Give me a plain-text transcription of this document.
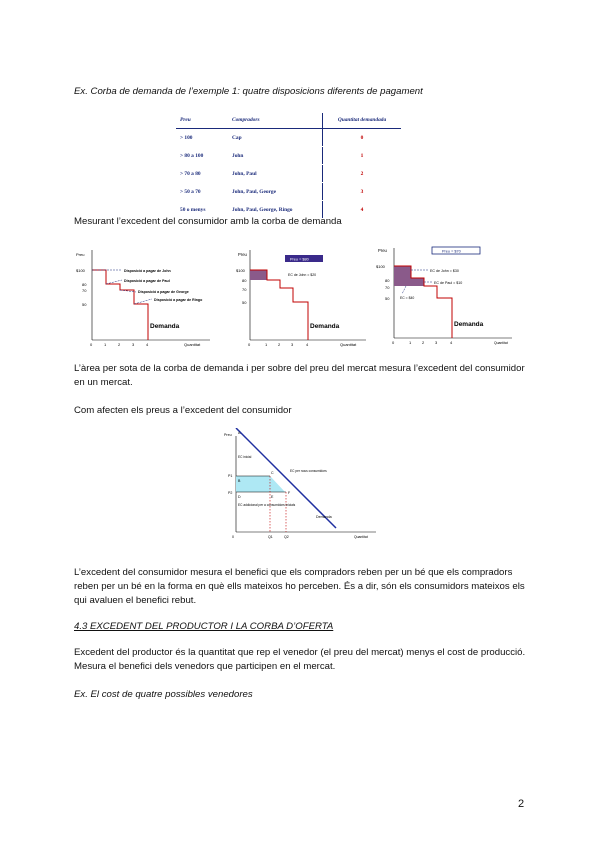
Ex. Corba de demanda de l’exemple 1: quatre disposicions diferents de pagament
Preu	Compradors	Quantitat demandada
> 100	Cap	0
> 80 a 100	John	1
> 70 a 80	John, Paul	2
> 50 a 70	John, Paul, George	3
50 o menys	John, Paul, George, Ringo	4
Mesurant l’excedent del consumidor amb la corba de demanda
Preu
$100
80
70
50
0	1	2	3	4	Quantitat
Disposició a pagar de John
Disposició a pagar de Paul
Disposició a pagar de George
Disposició a pagar de Ringo
Demanda
Preu
$100
80
70
50
Preu = $80
EC de John = $20
0	1	2	3	4	Quantitat
Demanda
Preu
$100
80
70
50
Preu = $70
EC de John = $30
EC de Paul = $10
EC = $40
0	1	2	3	4	Quantitat
Demanda
L’àrea per sota de la corba de demanda i per sobre del preu del mercat mesura l’excedent del consumidor en un mercat.
Com afecten els preus a l’excedent del consumidor
Preu A
P1
P2
B
C
D	E
F
0	Q1	Q2	Quantitat
Demanda
EC inicial
EC per nous consumidors
EC addicional per a consumidors inicials
L’excedent del consumidor mesura el benefici que els compradors reben per un bé que els compradors reben per un bé en la forma en què ells mateixos ho perceben. És a dir, són els consumidors mateixos els qui avaluen el benefici rebut.
4.3 EXCEDENT DEL PRODUCTOR I LA CORBA D’OFERTA
Excedent del productor és la quantitat que rep el venedor (el preu del mercat) menys el cost de producció. Mesura el benefici dels venedors que participen en el mercat.
Ex. El cost de quatre possibles venedores
2
